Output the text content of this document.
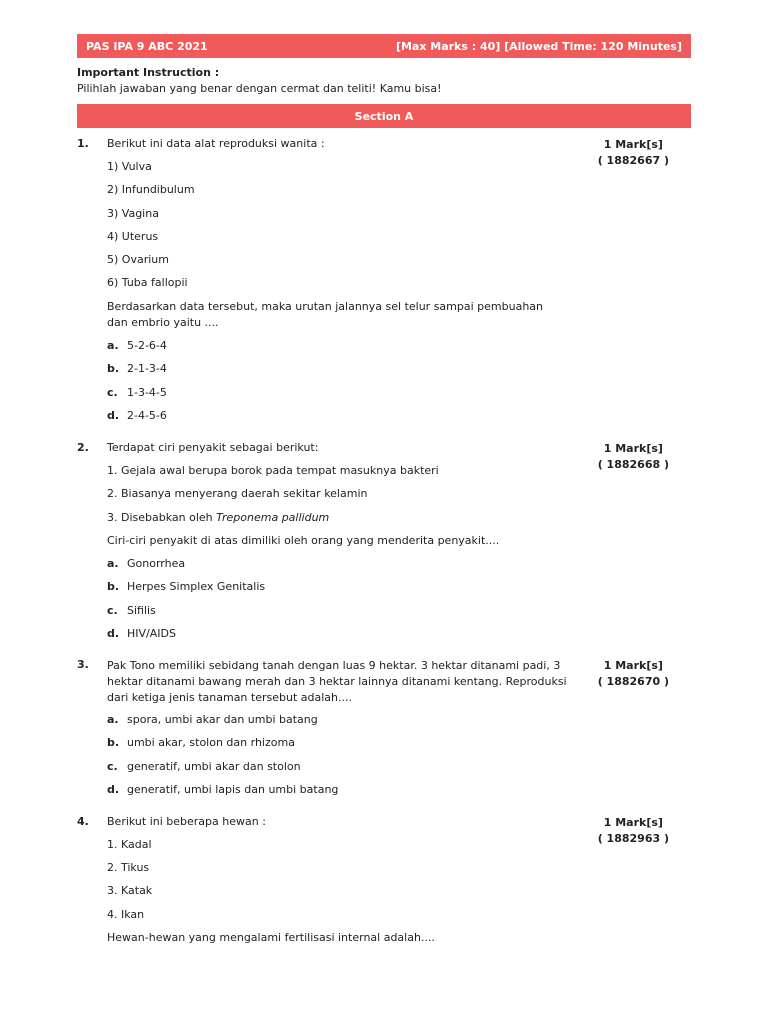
PAS IPA 9 ABC 2021	[Max Marks : 40] [Allowed Time: 120 Minutes]
Important Instruction :
Pilihlah jawaban yang benar dengan cermat dan teliti! Kamu bisa!
Section A
1.	1 Mark[s]
( 1882667 )
Berikut ini data alat reproduksi wanita :
1) Vulva
2) Infundibulum
3) Vagina
4) Uterus
5) Ovarium
6) Tuba fallopii
Berdasarkan data tersebut, maka urutan jalannya sel telur sampai pembuahan dan embrio yaitu ....
a. 5-2-6-4
b. 2-1-3-4
c. 1-3-4-5
d. 2-4-5-6
2.	1 Mark[s]
( 1882668 )
Terdapat ciri penyakit sebagai berikut:
1. Gejala awal berupa borok pada tempat masuknya bakteri
2. Biasanya menyerang daerah sekitar kelamin
3. Disebabkan oleh Treponema pallidum
Ciri-ciri penyakit di atas dimiliki oleh orang yang menderita penyakit....
a. Gonorrhea
b. Herpes Simplex Genitalis
c. Sifilis
d. HIV/AIDS
3.	1 Mark[s]
( 1882670 )
Pak Tono memiliki sebidang tanah dengan luas 9 hektar. 3 hektar ditanami padi, 3 hektar ditanami bawang merah dan 3 hektar lainnya ditanami kentang. Reproduksi dari ketiga jenis tanaman tersebut adalah....
a. spora, umbi akar dan umbi batang
b. umbi akar, stolon dan rhizoma
c. generatif, umbi akar dan stolon
d. generatif, umbi lapis dan umbi batang
4.	1 Mark[s]
( 1882963 )
Berikut ini beberapa hewan :
1. Kadal
2. Tikus
3. Katak
4. Ikan
Hewan-hewan yang mengalami fertilisasi internal adalah....
